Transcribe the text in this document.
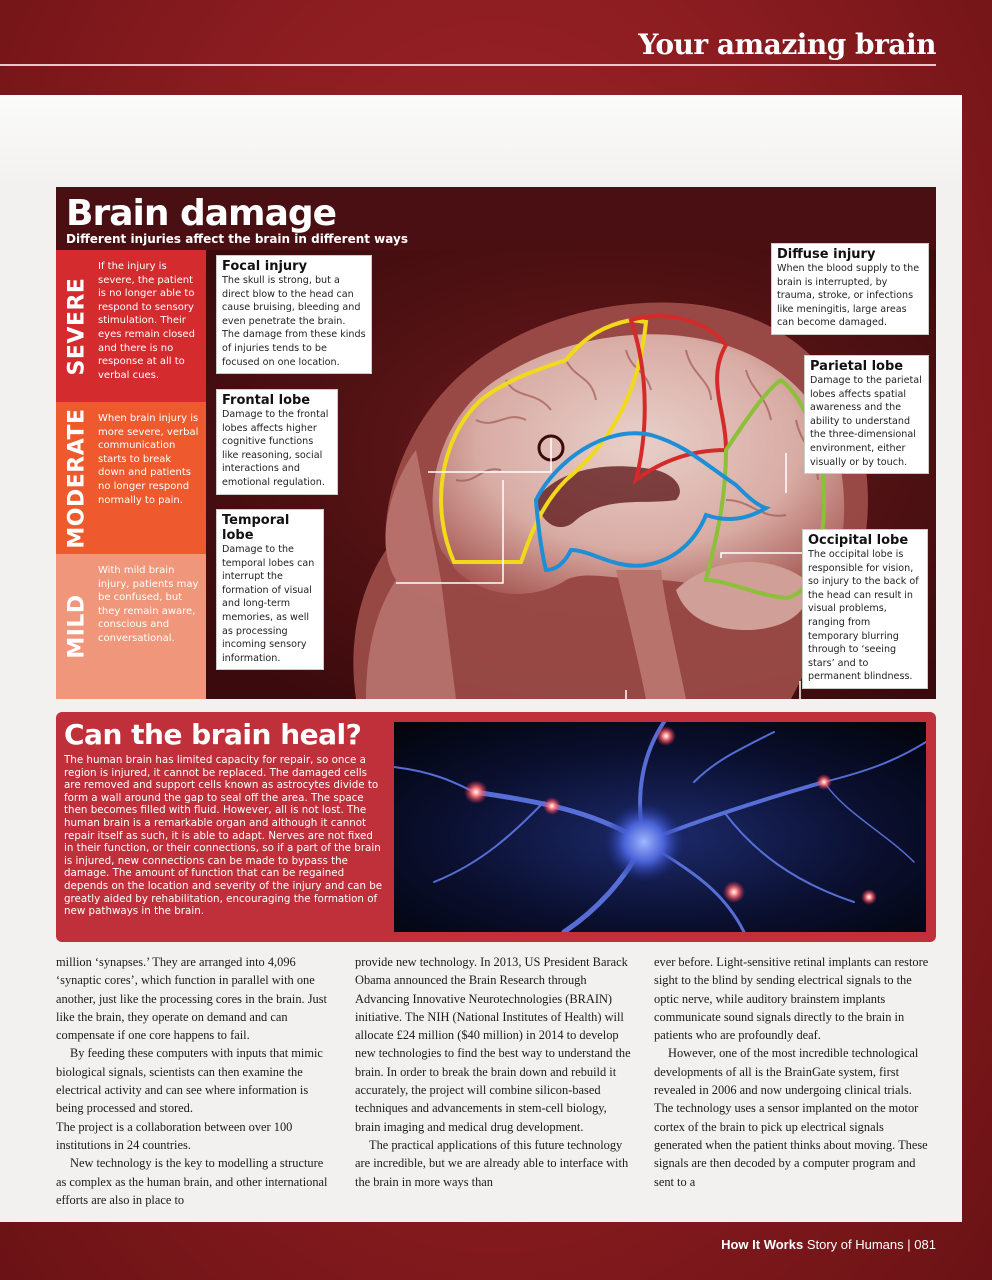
Your amazing brain
Brain damage
Different injuries affect the brain in different ways
SEVERE
If the injury is severe, the patient is no longer able to respond to sensory stimulation. Their eyes remain closed and there is no response at all to verbal cues.
MODERATE When brain injury is more severe, verbal communication starts to break down and patients no longer respond normally to pain.
MILD
With mild brain injury, patients may be confused, but they remain aware, conscious and conversational.
Focal injury

The skull is strong, but a direct blow to the head can cause bruising, bleeding and even penetrate the brain. The damage from these kinds of injuries tends to be focused on one location.

Frontal lobe

Damage to the frontal lobes affects higher cognitive functions like reasoning, social interactions and emotional regulation.

Temporal lobe

Damage to the temporal lobes can interrupt the formation of visual and long-term memories, as well as processing incoming sensory information.

Diffuse injury

When the blood supply to the brain is interrupted, by trauma, stroke, or infections like meningitis, large areas can become damaged.

Parietal lobe

Damage to the parietal lobes affects spatial awareness and the ability to understand the three-dimensional environment, either visually or by touch.

Occipital lobe

The occipital lobe is responsible for vision, so injury to the back of the head can result in visual problems, ranging from temporary blurring through to ‘seeing stars’ and to permanent blindness.

Can the brain heal?
The human brain has limited capacity for repair, so once a region is injured, it cannot be replaced. The damaged cells are removed and support cells known as astrocytes divide to form a wall around the gap to seal off the area. The space then becomes filled with fluid. However, all is not lost. The human brain is a remarkable organ and although it cannot repair itself as such, it is able to adapt. Nerves are not fixed in their function, or their connections, so if a part of the brain is injured, new connections can be made to bypass the damage. The amount of function that can be regained depends on the location and severity of the injury and can be greatly aided by rehabilitation, encouraging the formation of new pathways in the brain.

million ‘synapses.’ They are arranged into 4,096 ‘synaptic cores’, which function in parallel with one another, just like the processing cores in the brain. Just like the brain, they operate on demand and can compensate if one core happens to fail.

By feeding these computers with inputs that mimic biological signals, scientists can then examine the electrical activity and can see where information is being processed and stored.

The project is a collaboration between over 100 institutions in 24 countries.

New technology is the key to modelling a structure as complex as the human brain, and other international efforts are also in place to

provide new technology. In 2013, US President Barack Obama announced the Brain Research through Advancing Innovative Neurotechnologies (BRAIN) initiative. The NIH (National Institutes of Health) will allocate £24 million ($40 million) in 2014 to develop new technologies to find the best way to understand the brain. In order to break the brain down and rebuild it accurately, the project will combine silicon-based techniques and advancements in stem-cell biology, brain imaging and medical drug development.

The practical applications of this future technology are incredible, but we are already able to interface with the brain in more ways than

ever before. Light-sensitive retinal implants can restore sight to the blind by sending electrical signals to the optic nerve, while auditory brainstem implants communicate sound signals directly to the brain in patients who are profoundly deaf.

However, one of the most incredible technological developments of all is the BrainGate system, first revealed in 2006 and now undergoing clinical trials. The technology uses a sensor implanted on the motor cortex of the brain to pick up electrical signals generated when the patient thinks about moving. These signals are then decoded by a computer program and sent to a

How It Works Story of Humans | 081
